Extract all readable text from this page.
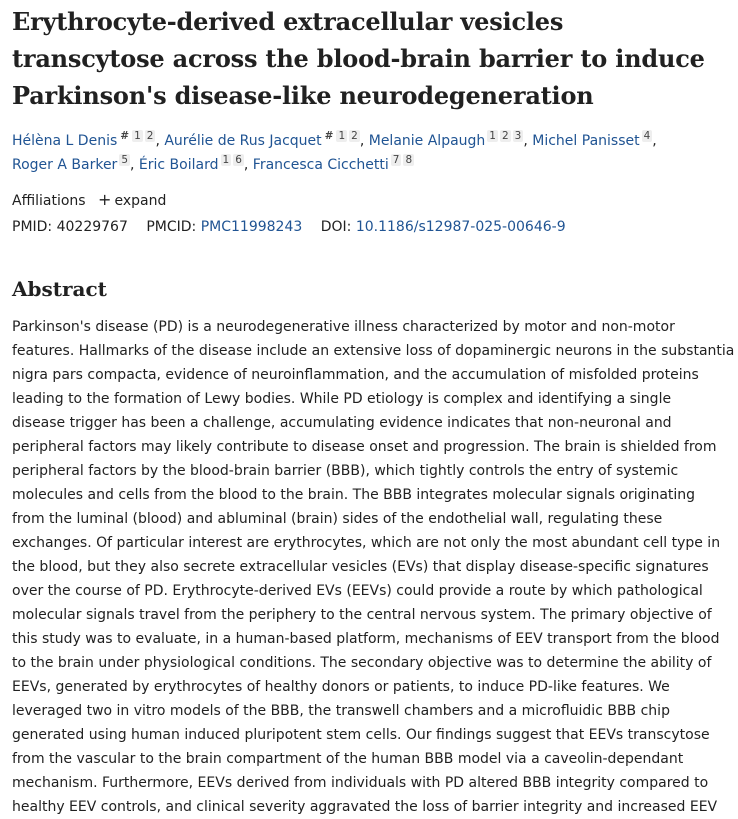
Erythrocyte-derived extracellular vesicles
transcytose across the blood-brain barrier to induce
Parkinson's disease-like neurodegeneration
Hélèna L Denis # 1 2 , Aurélie de Rus Jacquet # 1 2 , Melanie Alpaugh 1 2 3 , Michel Panisset 4 ,
Roger A Barker 5 , Éric Boilard 1 6 , Francesca Cicchetti 7 8
Affiliations + expand
PMID: 40229767 PMCID: PMC11998243 DOI: 10.1186/s12987-025-00646-9
Abstract
Parkinson's disease (PD) is a neurodegenerative illness characterized by motor and non-motor
features. Hallmarks of the disease include an extensive loss of dopaminergic neurons in the substantia
nigra pars compacta, evidence of neuroinflammation, and the accumulation of misfolded proteins
leading to the formation of Lewy bodies. While PD etiology is complex and identifying a single
disease trigger has been a challenge, accumulating evidence indicates that non-neuronal and
peripheral factors may likely contribute to disease onset and progression. The brain is shielded from
peripheral factors by the blood-brain barrier (BBB), which tightly controls the entry of systemic
molecules and cells from the blood to the brain. The BBB integrates molecular signals originating
from the luminal (blood) and abluminal (brain) sides of the endothelial wall, regulating these
exchanges. Of particular interest are erythrocytes, which are not only the most abundant cell type in
the blood, but they also secrete extracellular vesicles (EVs) that display disease-specific signatures
over the course of PD. Erythrocyte-derived EVs (EEVs) could provide a route by which pathological
molecular signals travel from the periphery to the central nervous system. The primary objective of
this study was to evaluate, in a human-based platform, mechanisms of EEV transport from the blood
to the brain under physiological conditions. The secondary objective was to determine the ability of
EEVs, generated by erythrocytes of healthy donors or patients, to induce PD-like features. We
leveraged two in vitro models of the BBB, the transwell chambers and a microfluidic BBB chip
generated using human induced pluripotent stem cells. Our findings suggest that EEVs transcytose
from the vascular to the brain compartment of the human BBB model via a caveolin-dependant
mechanism. Furthermore, EEVs derived from individuals with PD altered BBB integrity compared to
healthy EEV controls, and clinical severity aggravated the loss of barrier integrity and increased EEV
